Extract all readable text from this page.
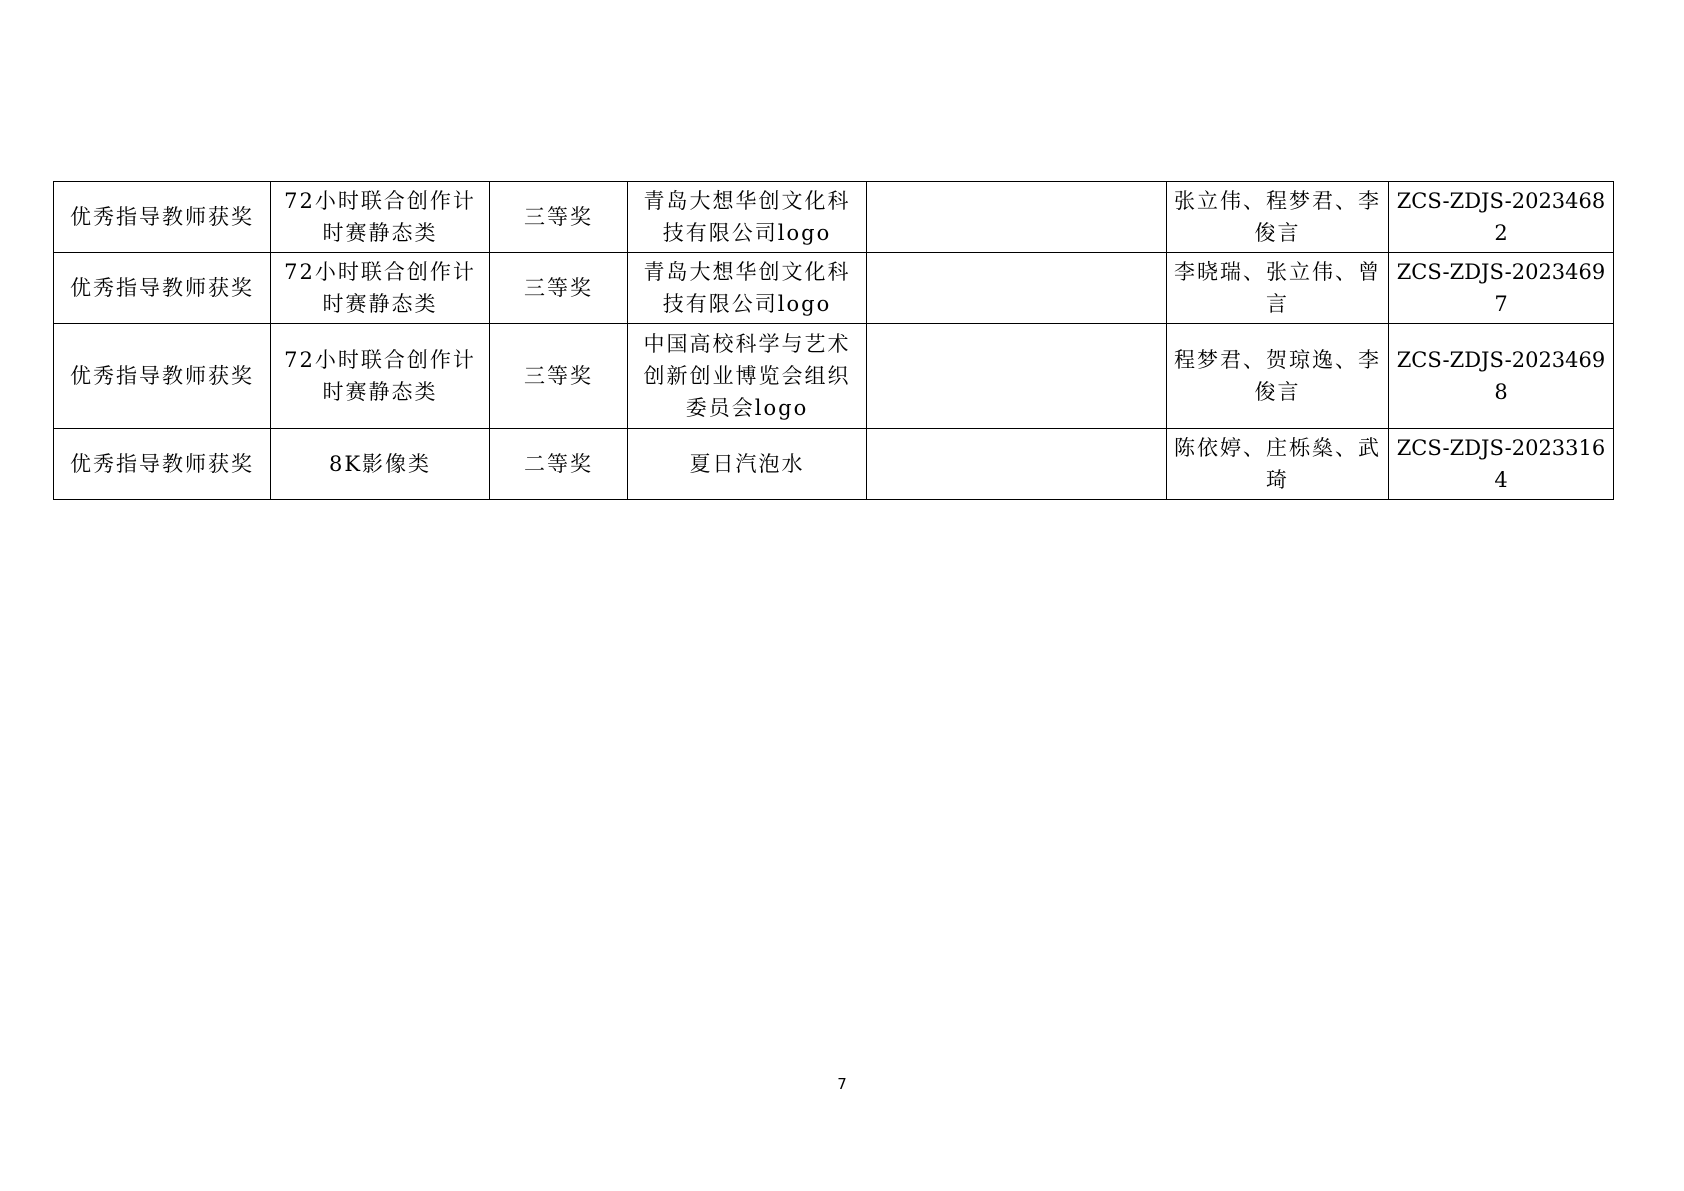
优秀指导教师获奖	72小时联合创作计时赛静态类	三等奖	青岛大想华创文化科技有限公司logo		张立伟、程梦君、李俊言	ZCS-ZDJS-20234682
优秀指导教师获奖	72小时联合创作计时赛静态类	三等奖	青岛大想华创文化科技有限公司logo		李晓瑞、张立伟、曾言	ZCS-ZDJS-20234697
优秀指导教师获奖	72小时联合创作计时赛静态类	三等奖	中国高校科学与艺术创新创业博览会组织委员会logo		程梦君、贺琼逸、李俊言	ZCS-ZDJS-20234698
优秀指导教师获奖	8K影像类	二等奖	夏日汽泡水		陈依婷、庄栎燊、武琦	ZCS-ZDJS-20233164
7
